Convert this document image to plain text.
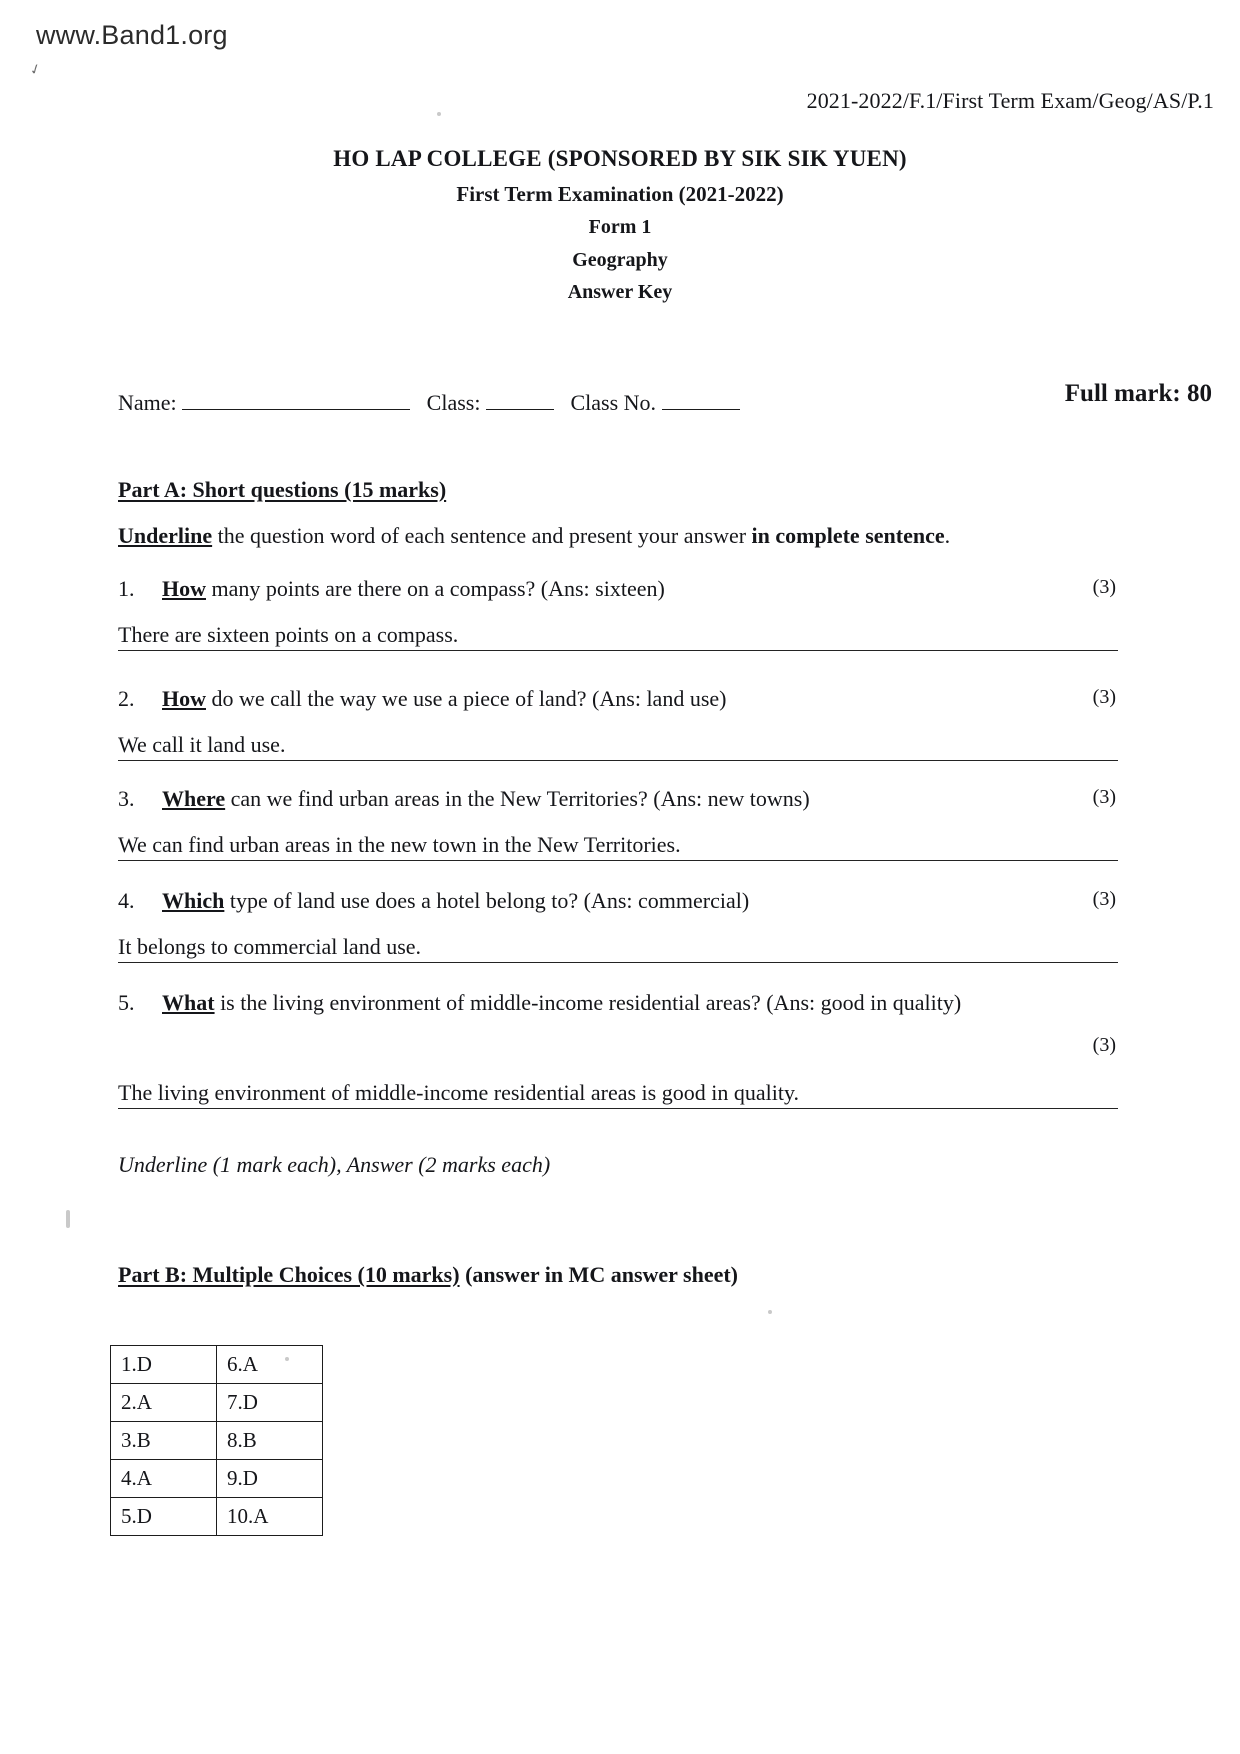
www.Band1.org
✓
2021-2022/F.1/First Term Exam/Geog/AS/P.1
HO LAP COLLEGE (SPONSORED BY SIK SIK YUEN)
First Term Examination (2021-2022)
Form 1
Geography
Answer Key
Name:	Class:	Class No.	Full mark: 80
Part A: Short questions (15 marks)
Underline the question word of each sentence and present your answer in complete sentence.
1.	How many points are there on a compass? (Ans: sixteen)	(3)
There are sixteen points on a compass.
2.	How do we call the way we use a piece of land? (Ans: land use)	(3)
We call it land use.
3.	Where can we find urban areas in the New Territories? (Ans: new towns)	(3)
We can find urban areas in the new town in the New Territories.
4.	Which type of land use does a hotel belong to? (Ans: commercial)	(3)
It belongs to commercial land use.
5.	What is the living environment of middle-income residential areas? (Ans: good in quality)
(3)
The living environment of middle-income residential areas is good in quality.
Underline (1 mark each), Answer (2 marks each)
Part B: Multiple Choices (10 marks) (answer in MC answer sheet)
1.D	6.A
2.A	7.D
3.B	8.B
4.A	9.D
5.D	10.A
